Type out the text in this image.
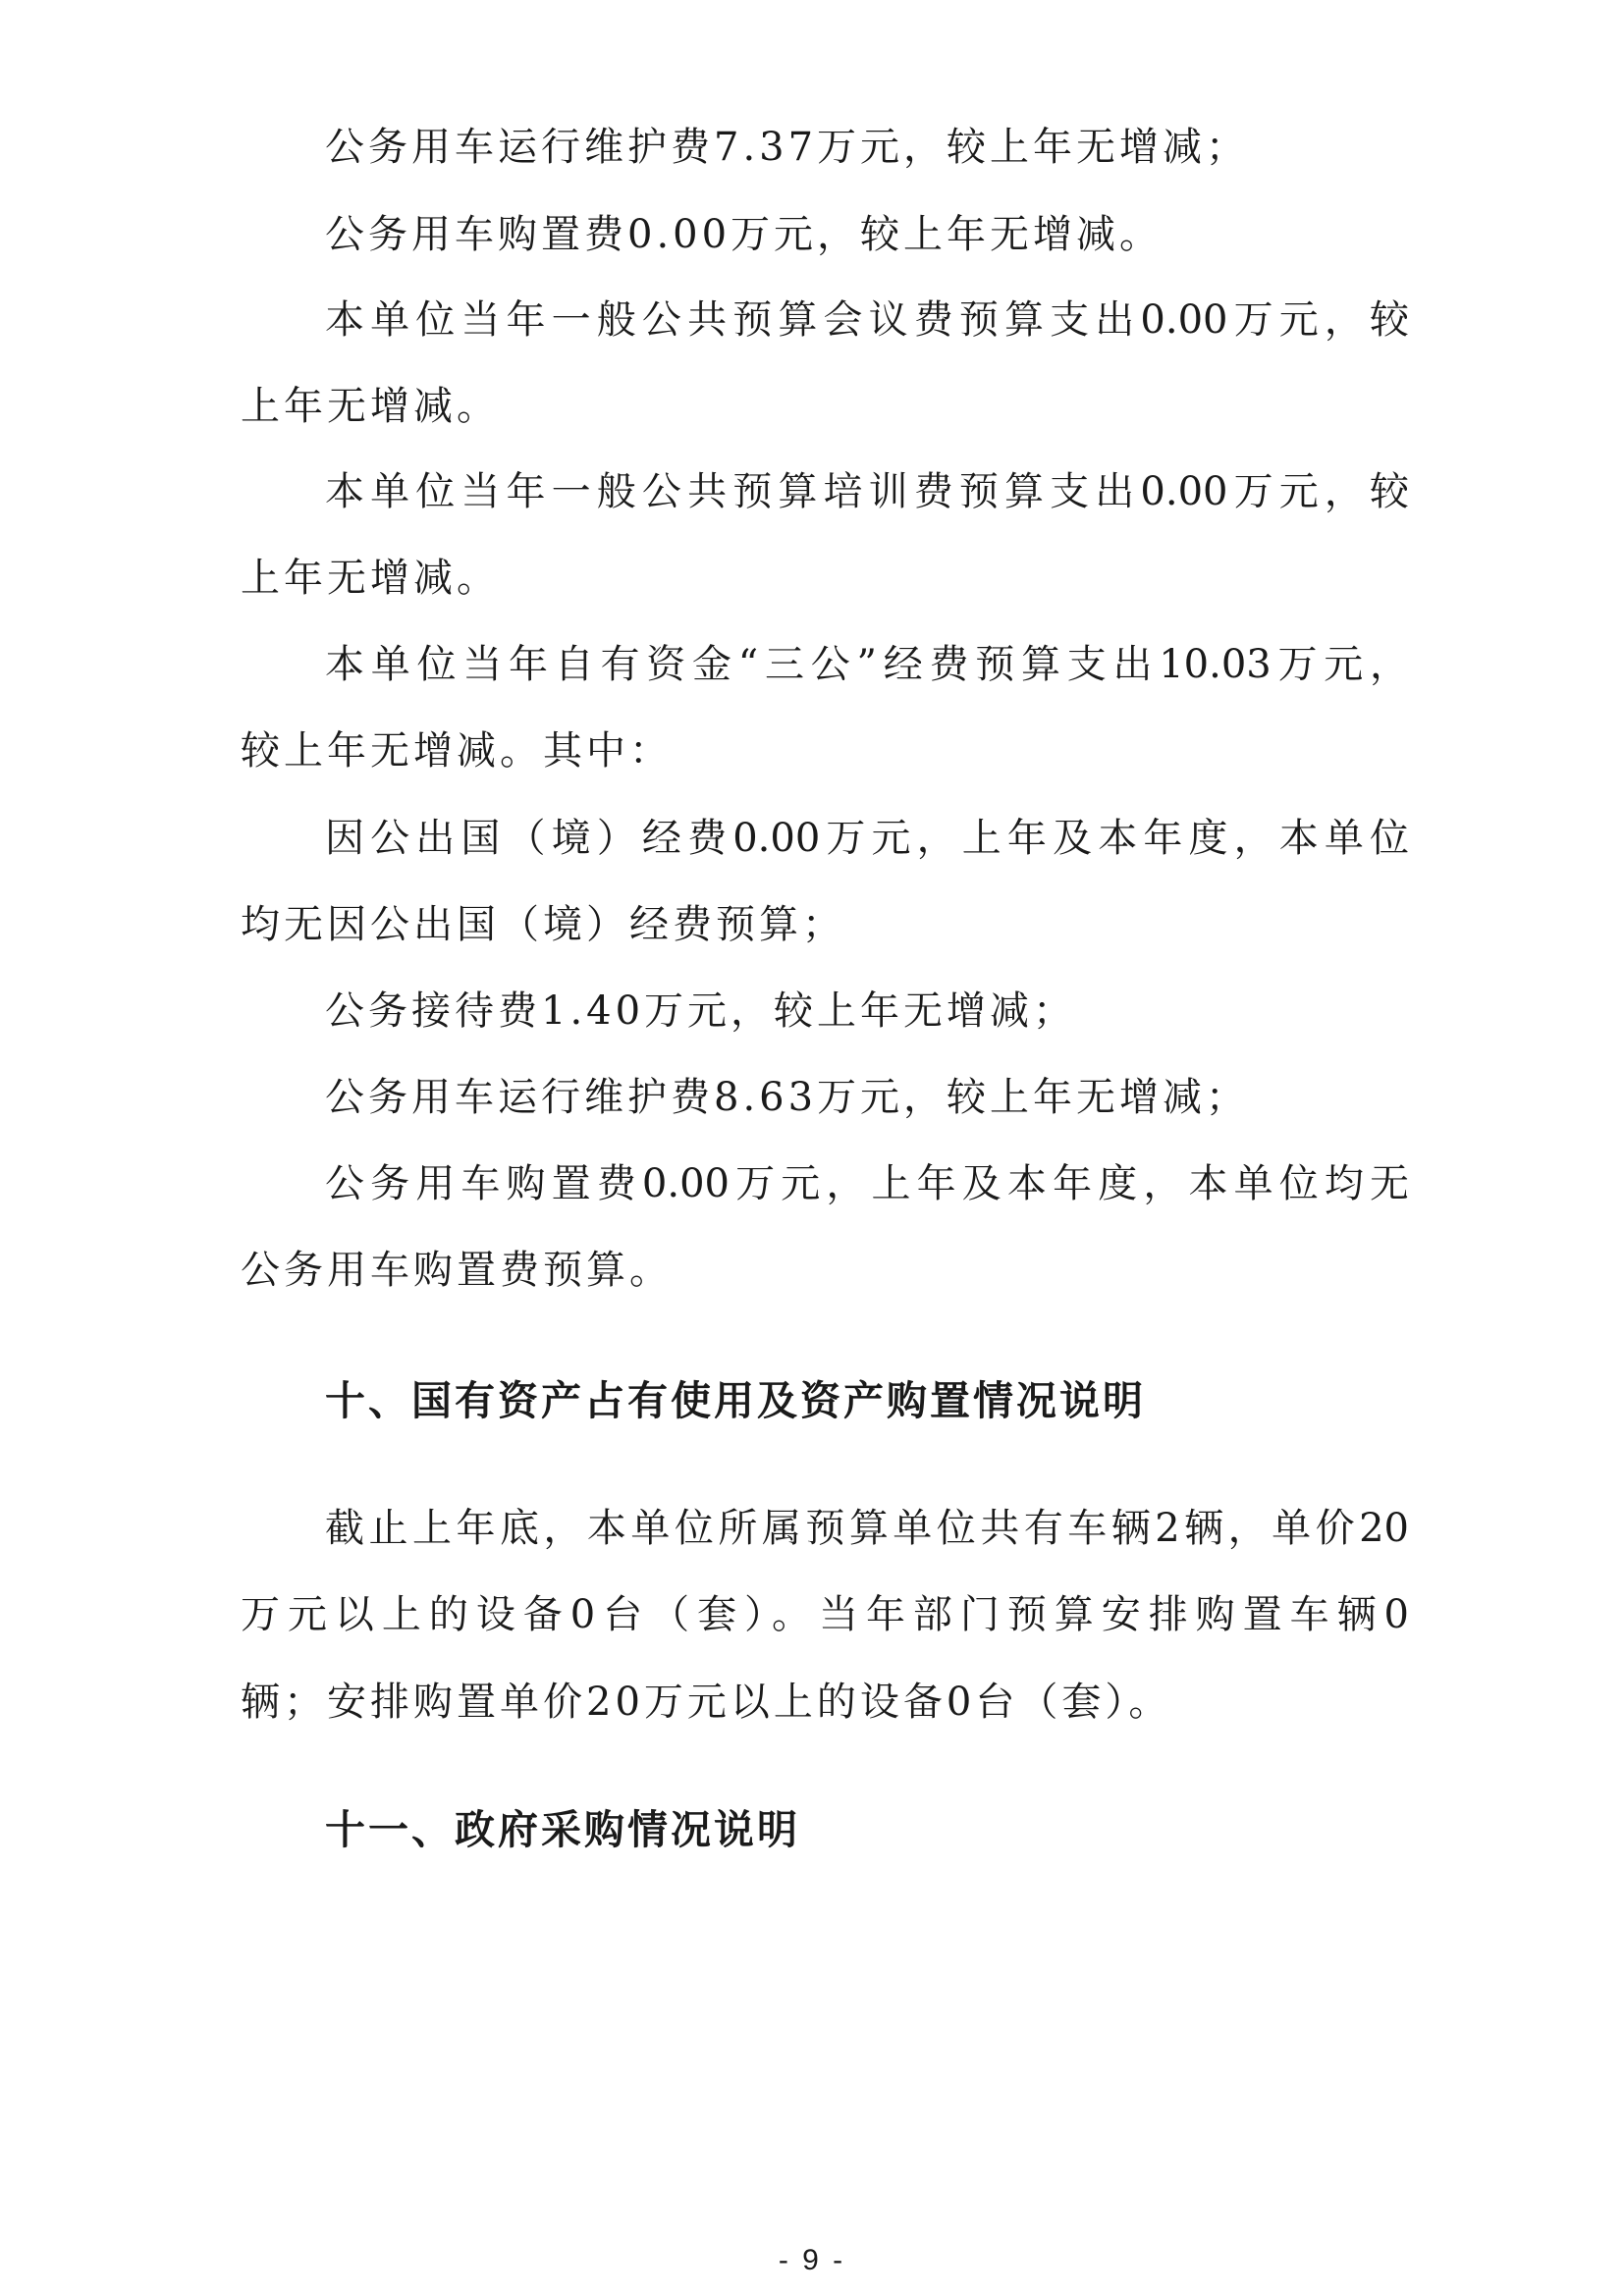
公务用车运行维护费7.37万元，较上年无增减；
公务用车购置费0.00万元，较上年无增减。
本单位当年一般公共预算会议费预算支出0.00万元，较
上年无增减。
本单位当年一般公共预算培训费预算支出0.00万元，较
上年无增减。
本单位当年自有资金“三公”经费预算支出10.03万元，
较上年无增减。其中：
因公出国（境）经费0.00万元，上年及本年度，本单位
均无因公出国（境）经费预算；
公务接待费1.40万元，较上年无增减；
公务用车运行维护费8.63万元，较上年无增减；
公务用车购置费0.00万元，上年及本年度，本单位均无
公务用车购置费预算。
十、国有资产占有使用及资产购置情况说明
截止上年底，本单位所属预算单位共有车辆2辆，单价20
万元以上的设备0台（套）。当年部门预算安排购置车辆0
辆；安排购置单价20万元以上的设备0台（套）。
十一、政府采购情况说明
- 9 -
